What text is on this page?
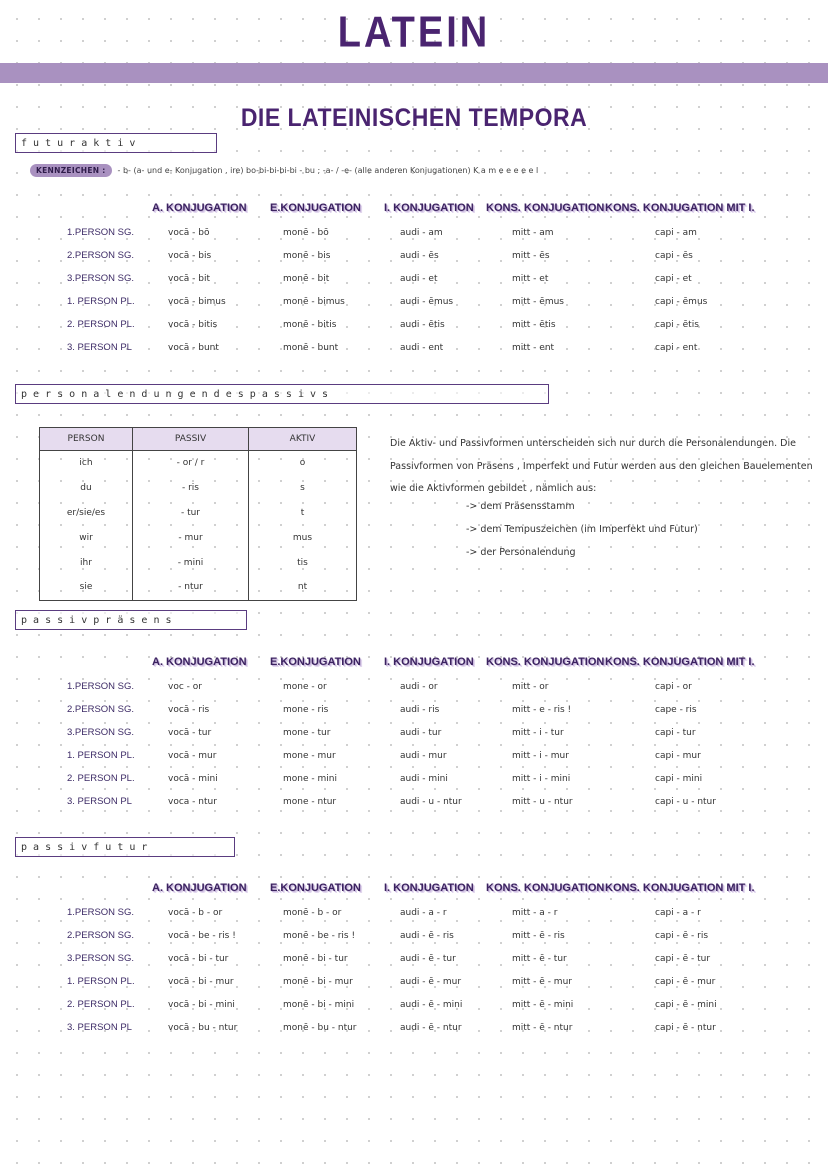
LATEIN
DIE LATEINISCHEN TEMPORA
f u t u r a k t i v
KENNZEICHEN : - b- (a- und e- Konjugation , ire) bo-bi-bi-bi-bi - bu ; -a- / -e- (alle anderen Konjugationen) K a m e e e e e l
A. KONJUGATION E.KONJUGATION I. KONJUGATION KONS. KONJUGATION KONS. KONJUGATION MIT I.
1.PERSON SG.	vocā - bō	monē - bō	audi - am	mitt - am	capi - am
2.PERSON SG.	vocā - bis	monē - bis	audi - ēs	mitt - ēs	capi - ēs
3.PERSON SG.	vocā - bit	monē - bit	audi - et	mitt - et	capi - et
1. PERSON PL.	vocā - bimus	monē - bimus	audi - ēmus	mitt - ēmus	capi - ēmus
2. PERSON PL.	vocā - bitis	monē - bitis	audi - ētis	mitt - ētis	capi - ētis
3. PERSON PL	vocā - bunt	monē - bunt	audi - ent	mitt - ent	capi - ent
p e r s o n a l e n d u n g e n d e s p a s s i v s
PERSON	PASSIV	AKTIV
ich	- or / r	o
du	- ris	s
er/sie/es	- tur	t
wir	- mur	mus
ihr	- mini	tis
sie	- ntur	nt
Die Aktiv- und Passivformen unterscheiden sich nur durch die Personalendungen. Die Passivformen von Präsens , Imperfekt und Futur werden aus den gleichen Bauelementen wie die Aktivformen gebildet , nämlich aus:
-> dem Präsensstamm
-> dem Tempuszeichen (im Imperfekt und Futur)
-> der Personalendung
p a s s i v p r ä s e n s
A. KONJUGATION E.KONJUGATION I. KONJUGATION KONS. KONJUGATION KONS. KONJUGATION MIT I.
1.PERSON SG.	voc - or	mone - or	audi - or	mitt - or	capi - or
2.PERSON SG.	vocā - ris	mone - ris	audi - ris	mitt - e - ris !	cape - ris
3.PERSON SG.	vocā - tur	mone - tur	audi - tur	mitt - i - tur	capi - tur
1. PERSON PL.	vocā - mur	mone - mur	audi - mur	mitt - i - mur	capi - mur
2. PERSON PL.	vocā - mini	mone - mini	audi - mini	mitt - i - mini	capi - mini
3. PERSON PL	voca - ntur	mone - ntur	audi - u - ntur	mitt - u - ntur	capi - u - ntur
p a s s i v f u t u r
A. KONJUGATION E.KONJUGATION I. KONJUGATION KONS. KONJUGATION KONS. KONJUGATION MIT I.
1.PERSON SG.	vocā - b - or	monē - b - or	audi - a - r	mitt - a - r	capi - a - r
2.PERSON SG.	vocā - be - ris !	monē - be - ris !	audi - ē - ris	mitt - ē - ris	capi - ē - ris
3.PERSON SG.	vocā - bi - tur	monē - bi - tur	audi - ē - tur	mitt - ē - tur	capi - ē - tur
1. PERSON PL.	vocā - bi - mur	monē - bi - mur	audi - ē - mur	mitt - ē - mur	capi - ē - mur
2. PERSON PL.	vocā - bi - mini	monē - bi - mini	audi - ē - mini	mitt - ē - mini	capi - ē - mini
3. PERSON PL	vocā - bu - ntur	monē - bu - ntur	audi - ē - ntur	mitt - ē - ntur	capi - ē - ntur
